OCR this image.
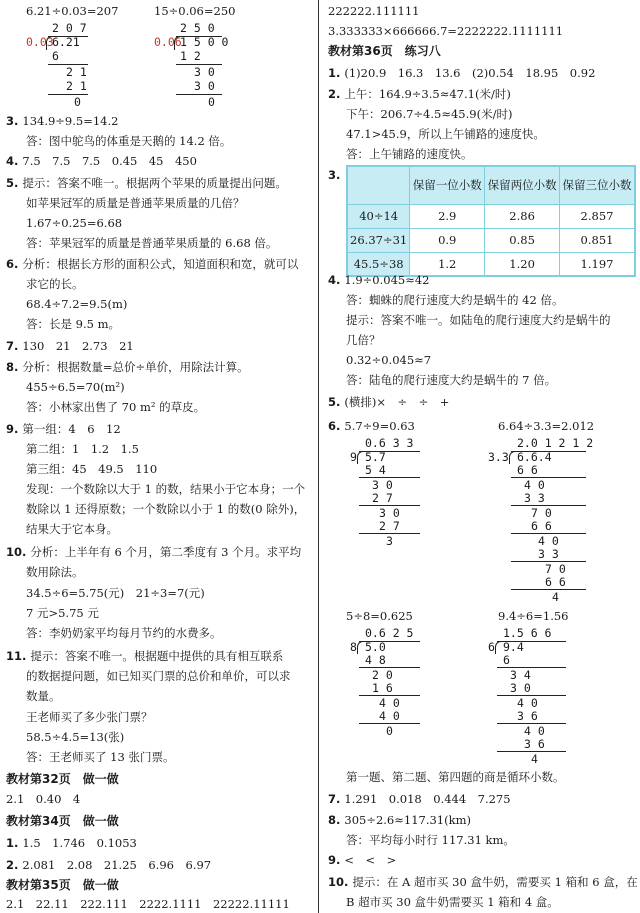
6.21÷0.03=207	15÷0.06=250
2 0 7
0.03
6.21
6
2 1
2 1
0
2 5 0
0.06
1 5 0 0
1 2
3 0
3 0
0
3. 134.9÷9.5=14.2
答：图中鸵鸟的体重是天鹅的 14.2 倍。
4. 7.5　7.5　7.5　0.45　45　450
5. 提示：答案不唯一。根据两个苹果的质量提出问题。
如苹果冠军的质量是普通苹果质量的几倍？
1.67÷0.25=6.68
答：苹果冠军的质量是普通苹果质量的 6.68 倍。
6. 分析：根据长方形的面积公式，知道面积和宽，就可以
求它的长。
68.4÷7.2=9.5(m)
答：长是 9.5 m。
7. 130　21　2.73　21
8. 分析：根据数量=总价÷单价，用除法计算。
455÷6.5=70(m²)
答：小林家出售了 70 m² 的草皮。
9. 第一组：4　6　12
第二组：1　1.2　1.5
第三组：45　49.5　110
发现：一个数除以大于 1 的数，结果小于它本身；一个
数除以 1 还得原数；一个数除以小于 1 的数(0 除外)，
结果大于它本身。
10. 分析：上半年有 6 个月，第二季度有 3 个月。求平均
数用除法。
34.5÷6=5.75(元)　21÷3=7(元)
7 元>5.75 元
答：李奶奶家平均每月节约的水费多。
11. 提示：答案不唯一。根据题中提供的具有相互联系
的数据提问题，如已知买门票的总价和单价，可以求
数量。
王老师买了多少张门票？
58.5÷4.5=13(张)
答：王老师买了 13 张门票。
教材第32页　做一做
2.1　0.40　4
教材第34页　做一做
1. 1.5　 1.746　 0.1053
2. 2.081　 2.08　 21.25　 6.96　 6.97
教材第35页　做一做
2.1　22.11　222.111　2222.1111　22222.11111
222222.111111
3.333333×666666.7=2222222.1111111
教材第36页　练习八
1. (1)20.9　16.3　13.6　(2)0.54　18.95　0.92
2. 上午：164.9÷3.5≈47.1(米/时)
下午：206.7÷4.5≈45.9(米/时)
47.1>45.9，所以上午铺路的速度快。
答：上午铺路的速度快。
3.
	保留一位小数	保留两位小数	保留三位小数
40÷14	2.9	2.86	2.857
26.37÷31	0.9	0.85	0.851
45.5÷38	1.2	1.20	1.197
4. 1.9÷0.045≈42
答：蜘蛛的爬行速度大约是蜗牛的 42 倍。
提示：答案不唯一。如陆龟的爬行速度大约是蜗牛的
几倍？
0.32÷0.045≈7
答：陆龟的爬行速度大约是蜗牛的 7 倍。
5. (横排)×　÷　÷　+
6. 5.7÷9=0.63	6.64÷3.3=2.012
0.6 3 3
9 5.7
5 4
3 0
2 7
3 0
2 7
3
2.0 1 2 1 2
3.3 6.6.4
6 6
4 0
3 3
7 0
6 6
4 0
3 3
7 0
6 6
4
5÷8=0.625	9.4÷6=1.56
0.6 2 5
8 5.0
4 8
2 0
1 6
4 0
4 0
0
1.5 6 6
6 9.4
6
3 4
3 0
4 0
3 6
4 0
3 6
4
第一题、第二题、第四题的商是循环小数。
7. 1.291　0.018　0.444　7.275
8. 305÷2.6≈117.31(km)
答：平均每小时行 117.31 km。
9. <　<　>
10. 提示：在 A 超市买 30 盒牛奶，需要买 1 箱和 6 盒，在
B 超市买 30 盒牛奶需要买 1 箱和 4 盒。
